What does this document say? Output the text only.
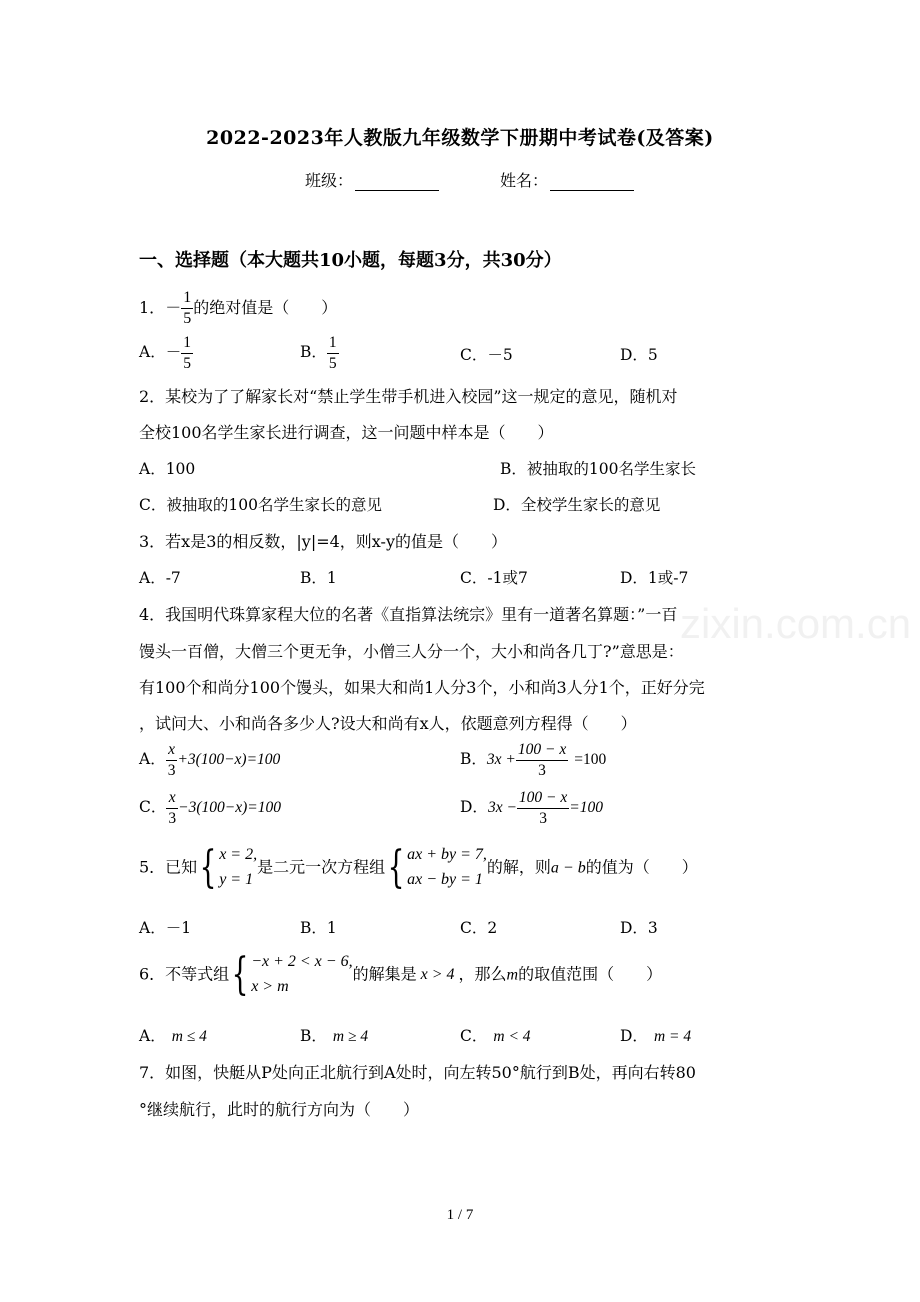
2022-2023年人教版九年级数学下册期中考试卷(及答案)
班级：	姓名：
一、选择题（本大题共10小题，每题3分，共30分）
1．－ $\frac{1}{5}$ 的绝对值是（　　）
A．－ $\frac{1}{5}$	B． $\frac{1}{5}$	C．－5	D．5
2．某校为了了解家长对“禁止学生带手机进入校园”这一规定的意见，随机对
全校100名学生家长进行调查，这一问题中样本是（　　）
A．100	B．被抽取的100名学生家长
C．被抽取的100名学生家长的意见	D．全校学生家长的意见
3．若x是3的相反数，|y|=4，则x-y的值是（　　）
A．-7	B．1	C．-1或7	D．1或-7
4．我国明代珠算家程大位的名著《直指算法统宗》里有一道著名算题：”一百
馒头一百僧，大僧三个更无争，小僧三人分一个，大小和尚各几丁?”意思是：
有100个和尚分100个馒头，如果大和尚1人分3个，小和尚3人分1个，正好分完
，试问大、小和尚各多少人?设大和尚有x人，依题意列方程得（　　）
A． $\frac{x}{3} +3(100-x)=100$	B．$3x + \frac{100 - x}{3} =100$
C． $\frac{x}{3} -3(100-x)=100$	D．$3x - \frac{100 - x}{3} =100$
5．已知{ x = 2,
y = 1是二元一次方程组{ ax + by = 7,
ax − by = 1的解，则a − b的值为（　　）
A．－1	B．1	C．2	D．3
6．不等式组{ −x + 2 < x − 6,
x > m的解集是 x > 4 ，那么m的取值范围（　　）
A． m ≤ 4	B． m ≥ 4	C． m < 4	D． m = 4
7．如图，快艇从P处向正北航行到A处时，向左转50°航行到B处，再向右转80
°继续航行，此时的航行方向为（　　）
zixin.com.cn
1 / 7
